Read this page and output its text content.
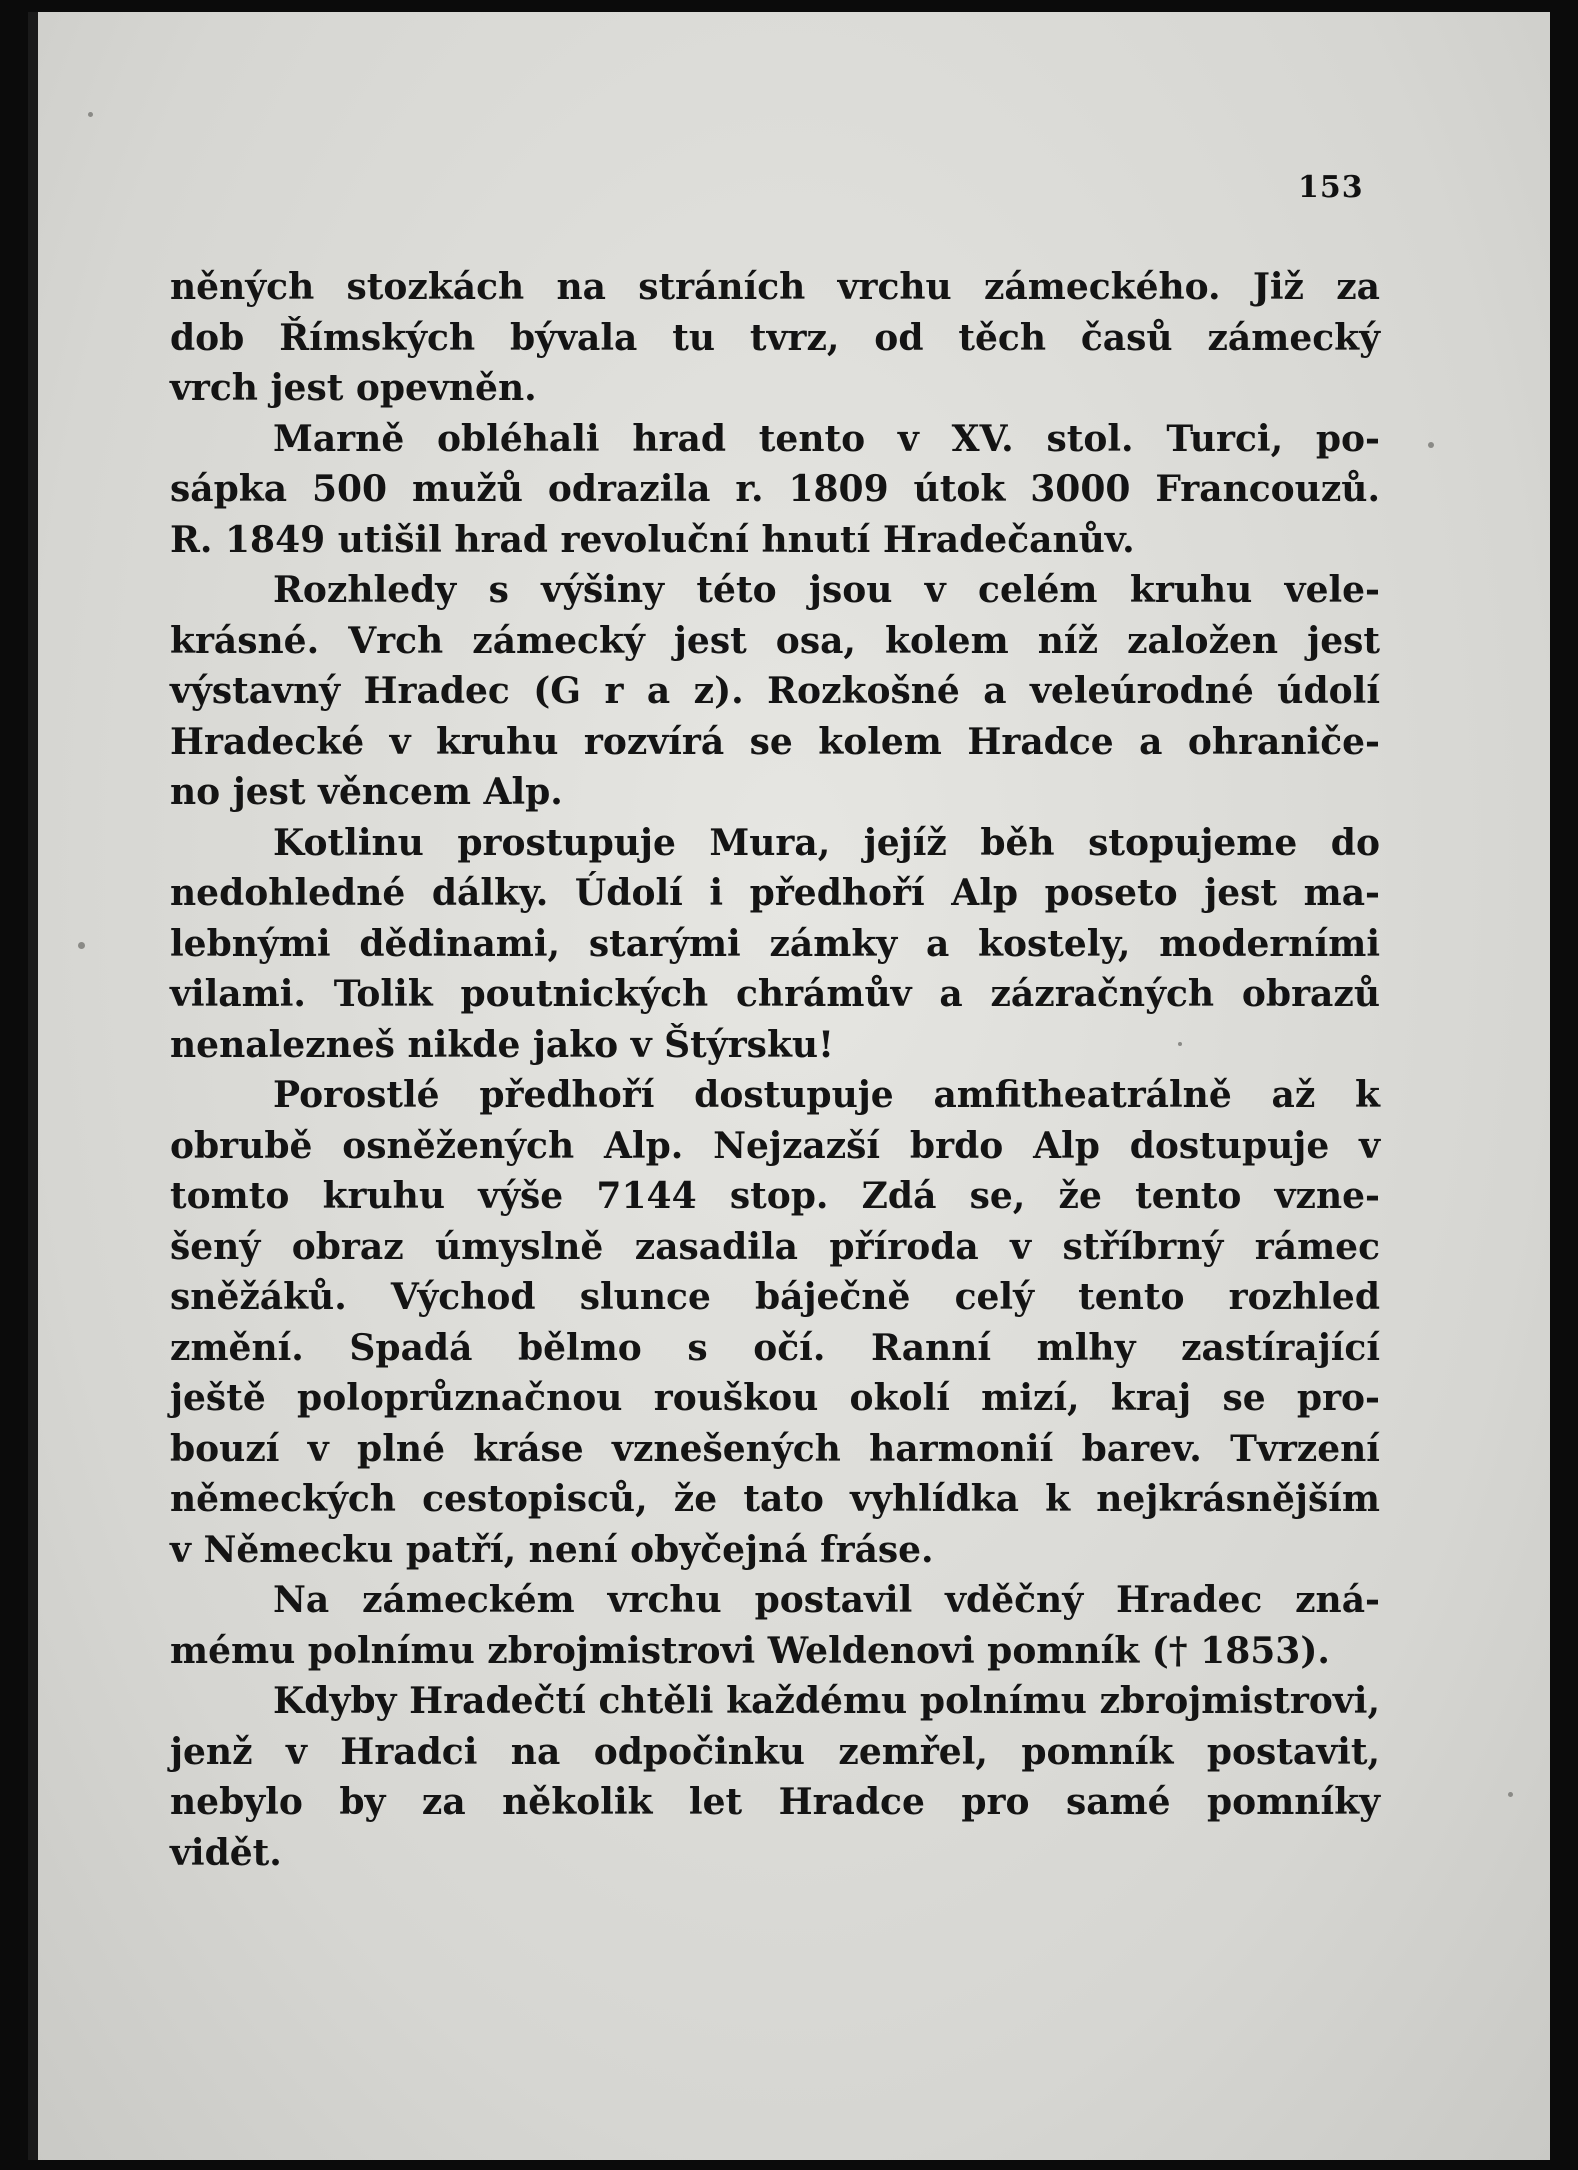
153
něných stozkách na stráních vrchu zámeckého. Již za
dob Římských bývala tu tvrz, od těch časů zámecký
vrch jest opevněn.
Marně obléhali hrad tento v XV. stol. Turci, po-
sápka 500 mužů odrazila r. 1809 útok 3000 Francouzů.
R. 1849 utišil hrad revoluční hnutí Hradečanův.
Rozhledy s výšiny této jsou v celém kruhu vele-
krásné. Vrch zámecký jest osa, kolem níž založen jest
výstavný Hradec (G r a z). Rozkošné a veleúrodné údolí
Hradecké v kruhu rozvírá se kolem Hradce a ohraniče-
no jest věncem Alp.
Kotlinu prostupuje Mura, jejíž běh stopujeme do
nedohledné dálky. Údolí i předhoří Alp poseto jest ma-
lebnými dědinami, starými zámky a kostely, moderními
vilami. Tolik poutnických chrámův a zázračných obrazů
nenalezneš nikde jako v Štýrsku!
Porostlé předhoří dostupuje amfitheatrálně až k
obrubě osněžených Alp. Nejzazší brdo Alp dostupuje v
tomto kruhu výše 7144 stop. Zdá se, že tento vzne-
šený obraz úmyslně zasadila příroda v stříbrný rámec
sněžáků. Východ slunce báječně celý tento rozhled
změní. Spadá bělmo s očí. Ranní mlhy zastírající
ještě poloprůznačnou rouškou okolí mizí, kraj se pro-
bouzí v plné kráse vznešených harmonií barev. Tvrzení
německých cestopisců, že tato vyhlídka k nejkrásnějším
v Německu patří, není obyčejná fráse.
Na zámeckém vrchu postavil vděčný Hradec zná-
mému polnímu zbrojmistrovi Weldenovi pomník († 1853).
Kdyby Hradečtí chtěli každému polnímu zbrojmistrovi,
jenž v Hradci na odpočinku zemřel, pomník postavit,
nebylo by za několik let Hradce pro samé pomníky
vidět.
